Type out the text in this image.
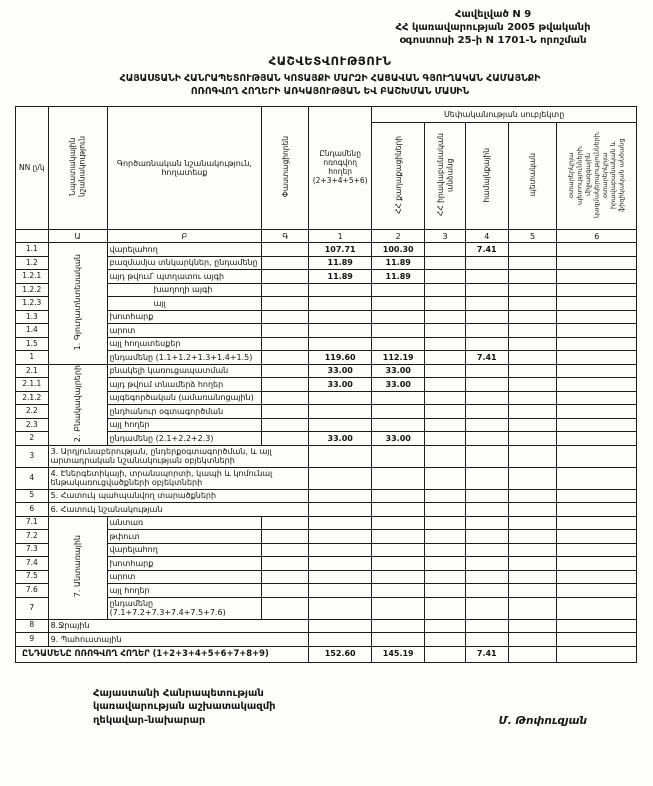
Հավելված N 9
ՀՀ կառավարության 2005 թվականի
օգոստոսի 25-ի N 1701-Ն որոշման
ՀԱՇՎԵՏՎՈՒԹՅՈՒՆ
ՀԱՅԱՍՏԱՆԻ ՀԱՆՐԱՊԵՏՈՒԹՅԱՆ ԿՈՏԱՅՔԻ ՄԱՐԶԻ ՀԱՑԱՎԱՆ ԳՅՈՒՂԱԿԱՆ ՀԱՄԱՅՆՔԻ
ՈՌՈԳՎՈՂ ՀՈՂԵՐԻ ԱՌԿԱՅՈՒԹՅԱՆ ԵՎ ԲԱՇԽՄԱՆ ՄԱՍԻՆ
NN ը/կ	Նպատակային նշանակություն	Գործառնական նշանակություն, հողատեսք	Փաստացիորեն	Ընդամենը ոռոգվող հողեր (2+3+4+5+6)	Սեփականության սուբյեկտը				
					ՀՀ քաղաքացիների	ՀՀ իրավաբանական անձանց	համայնքային	պետական	օտարերկրյա պետությունների, միջազգային կազմակերպությունների, օտարերկրյա իրավաբանական և ֆիզիկական անձանց
	Ա	Բ	Գ	1	2	3	4	5	6
1.1	1. Գյուղատնտեսական	վարելահող		107.71	100.30		7.41		
1.2		բազմամյա տնկարկներ, ընդամենը		11.89	11.89				
1.2.1		այդ թվում՝ պտղատու այգի		11.89	11.89				
1.2.2		խաղողի այգի							
1.2.3		այլ							
1.3		խոտհարք							
1.4		արոտ							
1.5		այլ հողատեսքեր							
1		ընդամենը (1.1+1.2+1.3+1.4+1.5)		119.60	112.19		7.41		
2.1	2. Բնակավայրերի	բնակելի կառուցապատման		33.00	33.00				
2.1.1		այդ թվում տնամերձ հողեր		33.00	33.00				
2.1.2		այգեգործական (ամառանոցային)							
2.2		ընդհանուր օգտագործման							
2.3		այլ հողեր							
2		ընդամենը (2.1+2.2+2.3)		33.00	33.00				
3	3. Արդյունաբերության, ընդերքօգտագործման, և այլ արտադրական նշանակության օբյեկտների								
4	4. Էներգետիկայի, տրանսպորտի, կապի և կոմունալ ենթակառուցվածքների օբյեկտների								
5	5. Հատուկ պահպանվող տարածքների								
6	6. Հատուկ նշանակության								
7.1	7. Անտառային	անտառ							
7.2		թփուտ							
7.3		վարելահող							
7.4		խոտհարք							
7.5		արոտ							
7.6		այլ հողեր							
7		ընդամենը (7.1+7.2+7.3+7.4+7.5+7.6)							
8	8.Ջրային								
9	9. Պահուստային								
ԸՆԴԱՄԵՆԸ ՈՌՈԳՎՈՂ ՀՈՂԵՐ (1+2+3+4+5+6+7+8+9)				152.60	145.19		7.41		
Հայաստանի Հանրապետության
կառավարության աշխատակազմի
ղեկավար-նախարար	Մ. Թոփուզյան
